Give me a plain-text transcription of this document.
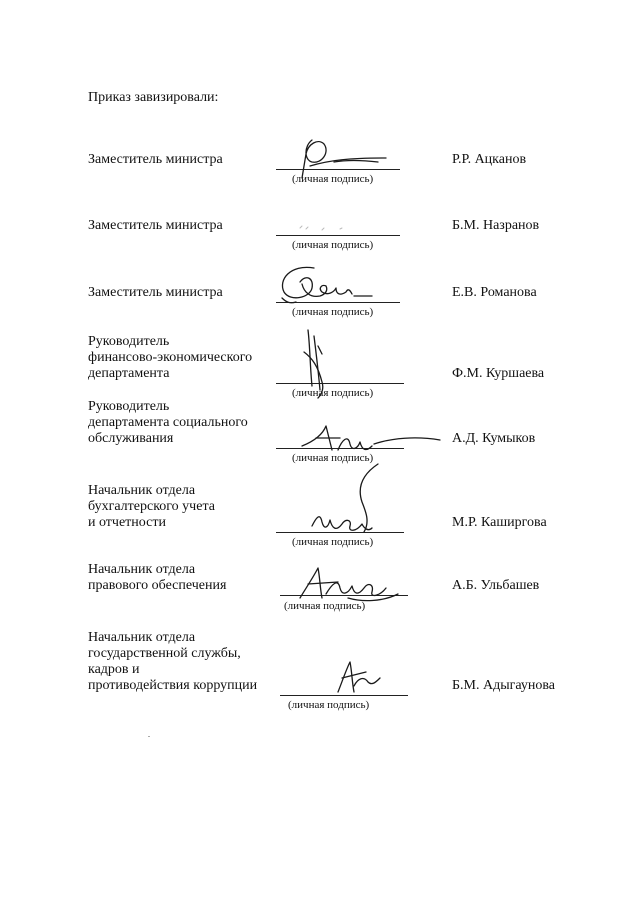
Приказ завизировали:
Заместитель министра
(личная подпись)
Р.Р. Ацканов
Заместитель министра
(личная подпись)
Б.М. Назранов
Заместитель министра
(личная подпись)
Е.В. Романова
Руководитель
финансово-экономического
департамента
(личная подпись)
Ф.М. Куршаева
Руководитель
департамента социального
обслуживания
(личная подпись)
А.Д. Кумыков
Начальник отдела
бухгалтерского учета
и отчетности
(личная подпись)
М.Р. Каширгова
Начальник отдела
правового обеспечения
(личная подпись)
А.Б. Ульбашев
Начальник отдела
государственной службы,
кадров и
противодействия коррупции
(личная подпись)
Б.М. Адыгаунова
